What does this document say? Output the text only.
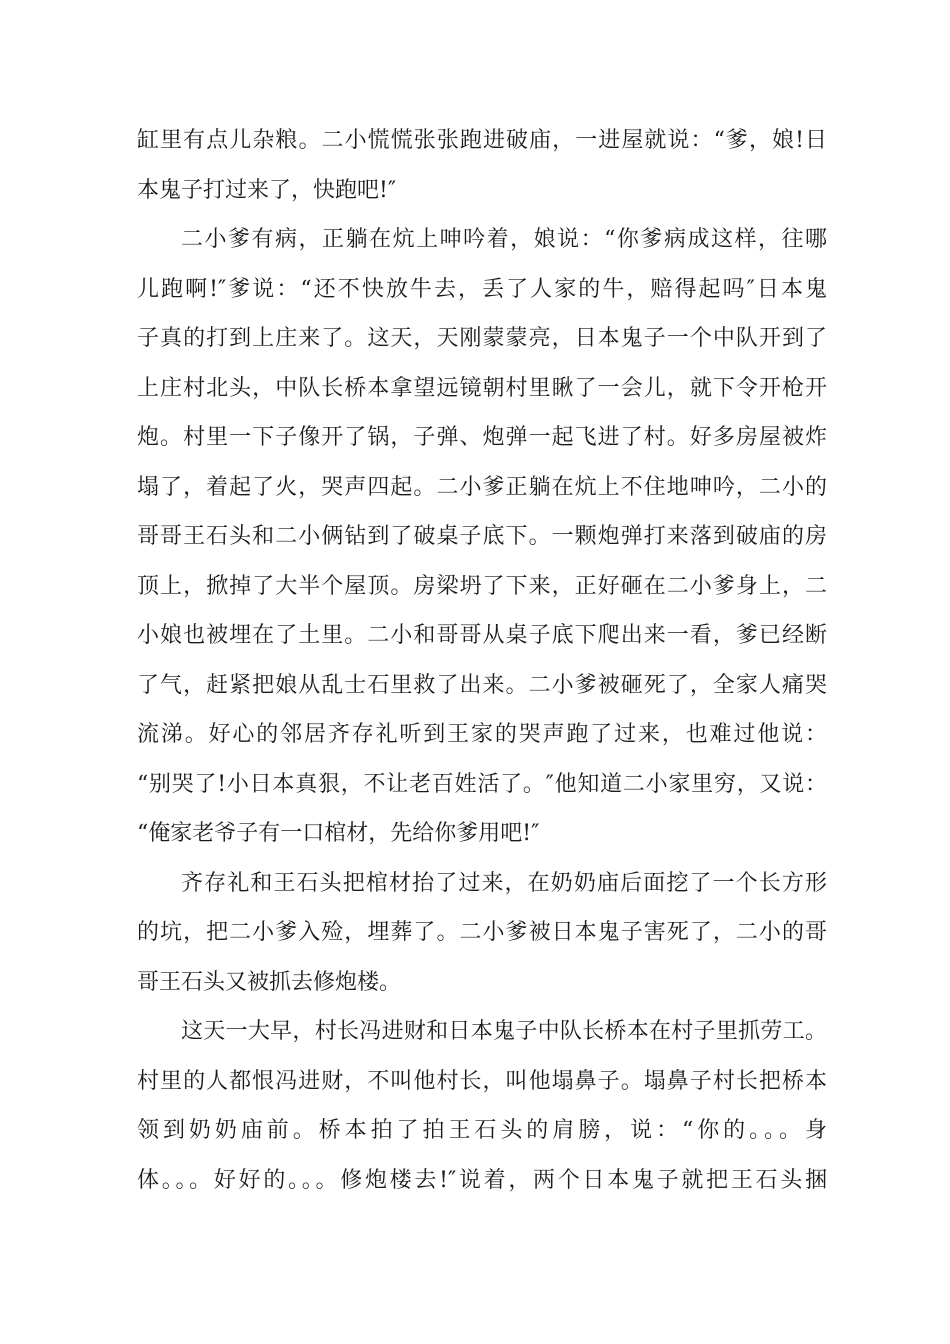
缸里有点儿杂粮。二小慌慌张张跑进破庙，一进屋就说：“爹，娘!日
本鬼子打过来了，快跑吧!″
二小爹有病，正躺在炕上呻吟着，娘说：“你爹病成这样，往哪
儿跑啊!″爹说：“还不快放牛去，丢了人家的牛，赔得起吗″日本鬼
子真的打到上庄来了。这天，天刚蒙蒙亮，日本鬼子一个中队开到了
上庄村北头，中队长桥本拿望远镜朝村里瞅了一会儿，就下令开枪开
炮。村里一下子像开了锅，子弹、炮弹一起飞进了村。好多房屋被炸
塌了，着起了火，哭声四起。二小爹正躺在炕上不住地呻吟，二小的
哥哥王石头和二小俩钻到了破桌子底下。一颗炮弹打来落到破庙的房
顶上，掀掉了大半个屋顶。房梁坍了下来，正好砸在二小爹身上，二
小娘也被埋在了土里。二小和哥哥从桌子底下爬出来一看，爹已经断
了气，赶紧把娘从乱士石里救了出来。二小爹被砸死了，全家人痛哭
流涕。好心的邻居齐存礼听到王家的哭声跑了过来，也难过他说：
“别哭了!小日本真狠，不让老百姓活了。″他知道二小家里穷，又说：
“俺家老爷子有一口棺材，先给你爹用吧!″
齐存礼和王石头把棺材抬了过来，在奶奶庙后面挖了一个长方形
的坑，把二小爹入殓，埋葬了。二小爹被日本鬼子害死了，二小的哥
哥王石头又被抓去修炮楼。
这天一大早，村长冯进财和日本鬼子中队长桥本在村子里抓劳工。
村里的人都恨冯进财，不叫他村长，叫他塌鼻子。塌鼻子村长把桥本
领到奶奶庙前。桥本拍了拍王石头的肩膀，说：“你的。。。身
体。。。好好的。。。修炮楼去!″说着，两个日本鬼子就把王石头捆
